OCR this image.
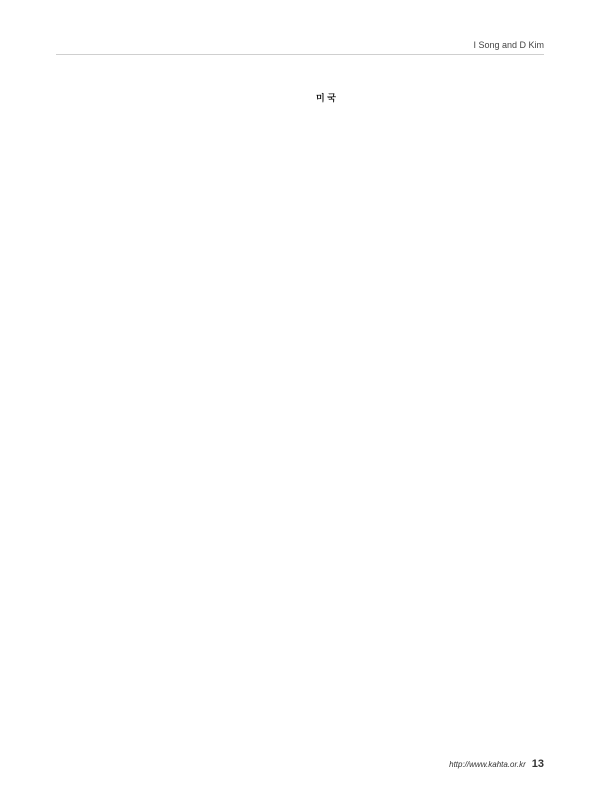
I Song and D Kim

미 국

http://www.kahta.or.kr 13
